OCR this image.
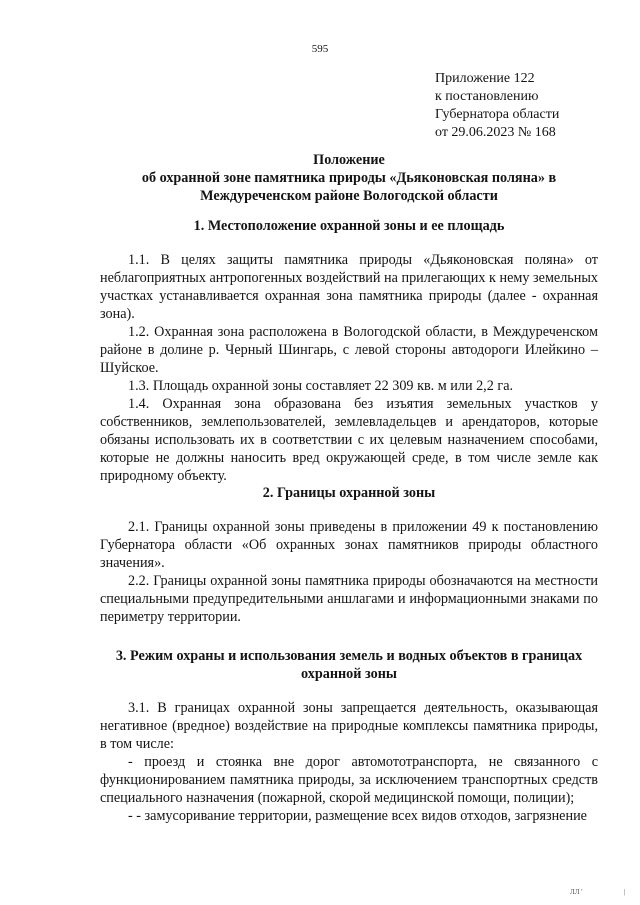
595
Приложение 122
к постановлению
Губернатора области
от 29.06.2023 № 168
Положение
об охранной зоне памятника природы «Дьяконовская поляна» в
Междуреченском районе Вологодской области
1. Местоположение охранной зоны и ее площадь
1.1. В целях защиты памятника природы «Дьяконовская поляна» от неблагоприятных антропогенных воздействий на прилегающих к нему земельных участках устанавливается охранная зона памятника природы (далее - охранная зона).
1.2. Охранная зона расположена в Вологодской области, в Междуреченском районе в долине р. Черный Шингарь, с левой стороны автодороги Илейкино – Шуйское.
1.3. Площадь охранной зоны составляет 22 309 кв. м или 2,2 га.
1.4. Охранная зона образована без изъятия земельных участков у собственников, землепользователей, землевладельцев и арендаторов, которые обязаны использовать их в соответствии с их целевым назначением способами, которые не должны наносить вред окружающей среде, в том числе земле как природному объекту.
2. Границы охранной зоны
2.1. Границы охранной зоны приведены в приложении 49 к постановлению Губернатора области «Об охранных зонах памятников природы областного значения».
2.2. Границы охранной зоны памятника природы обозначаются на местности специальными предупредительными аншлагами и информационными знаками по периметру территории.
3. Режим охраны и использования земель и водных объектов в границах
охранной зоны
3.1. В границах охранной зоны запрещается деятельность, оказывающая негативное (вредное) воздействие на природные комплексы памятника природы, в том числе:
- проезд и стоянка вне дорог автомототранспорта, не связанного с функционированием памятника природы, за исключением транспортных средств специального назначения (пожарной, скорой медицинской помощи, полиции);
- - замусоривание территории, размещение всех видов отходов, загрязнение
ЛЛ '	|
